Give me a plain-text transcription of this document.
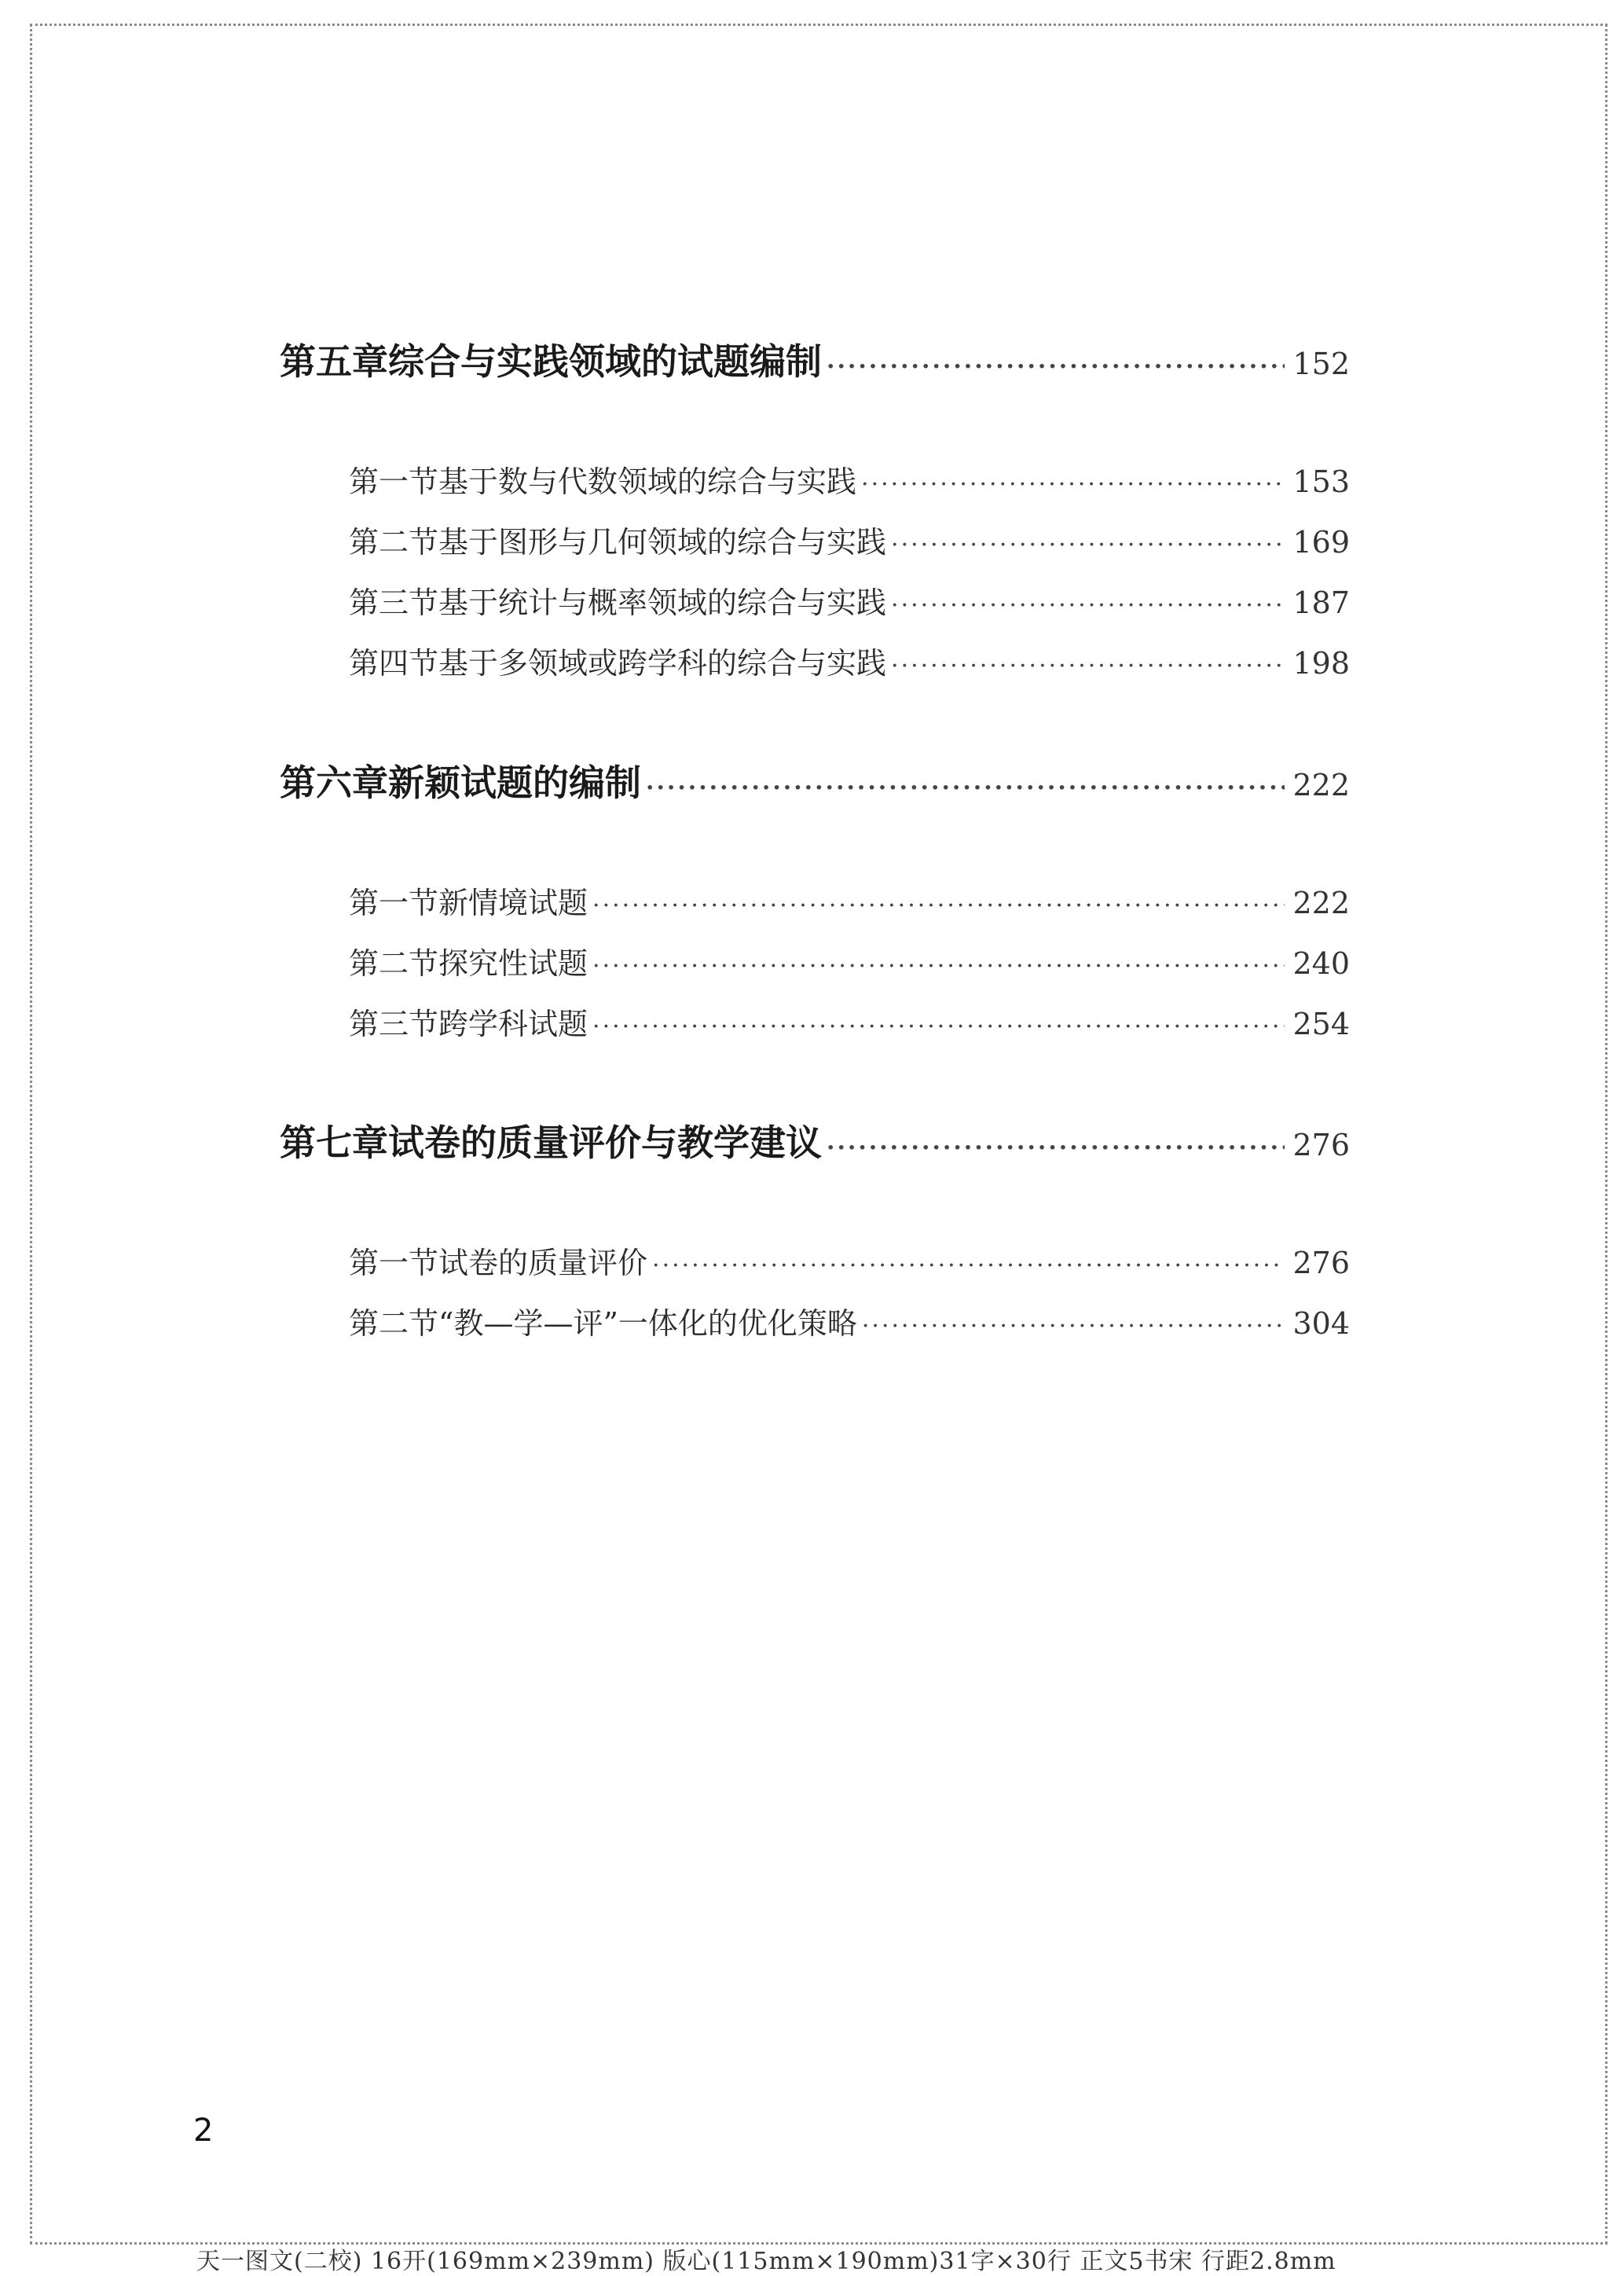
第五章 综合与实践领域的试题编制 ·····	152
第一节 基于数与代数领域的综合与实践 ·····	153
第二节 基于图形与几何领域的综合与实践 ·····	169
第三节 基于统计与概率领域的综合与实践 ·····	187
第四节 基于多领域或跨学科的综合与实践 ·····	198
第六章 新颖试题的编制 ·····	222
第一节 新情境试题 ·····	222
第二节 探究性试题 ·····	240
第三节 跨学科试题 ·····	254
第七章 试卷的质量评价与教学建议 ·····	276
第一节 试卷的质量评价 ·····	276
第二节 “教—学—评”一体化的优化策略 ·····	304
2
天一图文(二校) 16开(169mm×239mm) 版心(115mm×190mm)31字×30行 正文5书宋 行距2.8mm
